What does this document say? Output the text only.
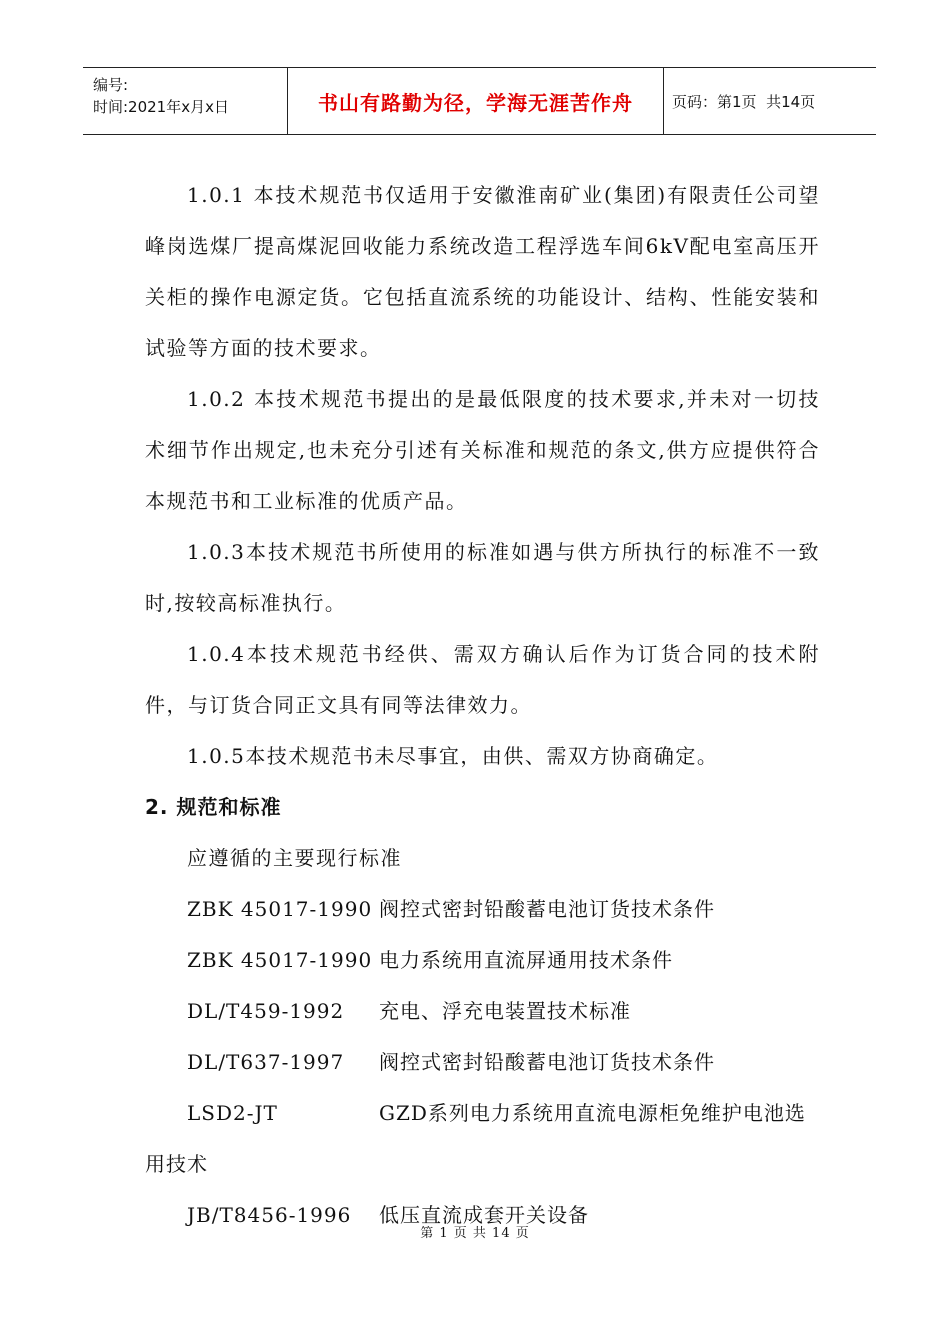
编号:
时间:2021年x月x日	书山有路勤为径，学海无涯苦作舟	页码：第1页  共14页

1.0.1 本技术规范书仅适用于安徽淮南矿业(集团)有限责任公司望峰岗选煤厂提高煤泥回收能力系统改造工程浮选车间6kV配电室高压开关柜的操作电源定货。它包括直流系统的功能设计、结构、性能安装和试验等方面的技术要求。

1.0.2 本技术规范书提出的是最低限度的技术要求,并未对一切技术细节作出规定,也未充分引述有关标准和规范的条文,供方应提供符合本规范书和工业标准的优质产品。

1.0.3本技术规范书所使用的标准如遇与供方所执行的标准不一致时,按较高标准执行。

1.0.4本技术规范书经供、需双方确认后作为订货合同的技术附件，与订货合同正文具有同等法律效力。

1.0.5本技术规范书未尽事宜，由供、需双方协商确定。

2. 规范和标准

应遵循的主要现行标准

ZBK 45017-1990 阀控式密封铅酸蓄电池订货技术条件
ZBK 45017-1990 电力系统用直流屏通用技术条件
DL/T459-1992	充电、浮充电装置技术标准
DL/T637-1997	阀控式密封铅酸蓄电池订货技术条件
LSD2-JT	GZD系列电力系统用直流电源柜免维护电池选

用技术

JB/T8456-1996	低压直流成套开关设备
第 1 页 共 14 页
